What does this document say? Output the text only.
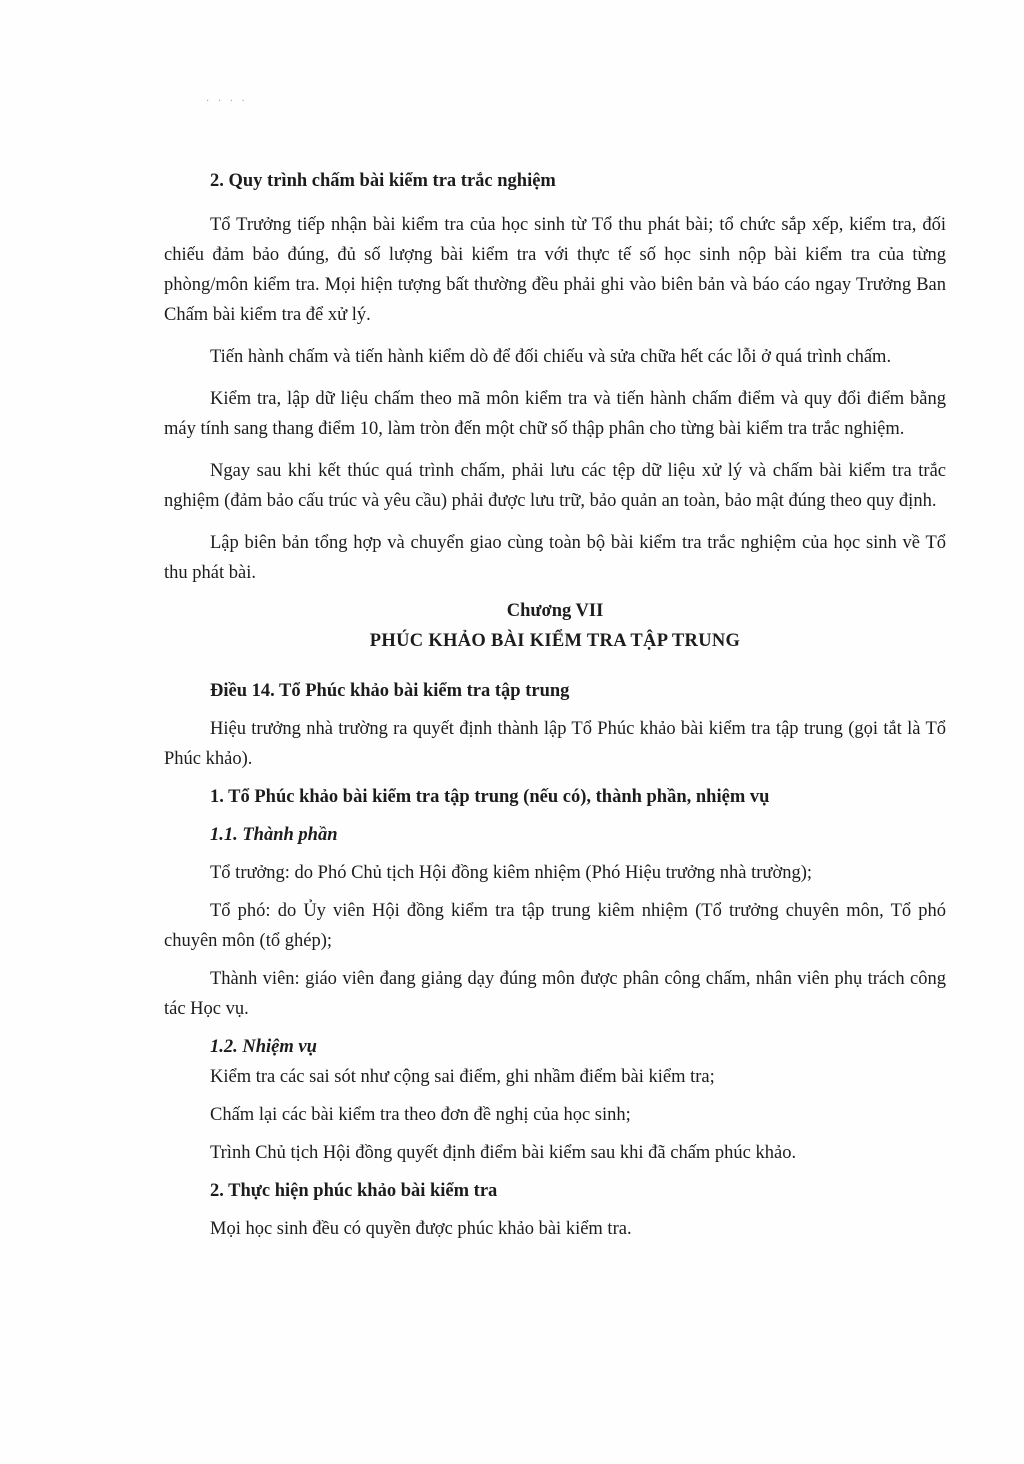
· · · ·

2. Quy trình chấm bài kiểm tra trắc nghiệm

Tổ Trưởng tiếp nhận bài kiểm tra của học sinh từ Tổ thu phát bài; tổ chức sắp xếp, kiểm tra, đối chiếu đảm bảo đúng, đủ số lượng bài kiểm tra với thực tế số học sinh nộp bài kiểm tra của từng phòng/môn kiểm tra. Mọi hiện tượng bất thường đều phải ghi vào biên bản và báo cáo ngay Trưởng Ban Chấm bài kiểm tra để xử lý.

Tiến hành chấm và tiến hành kiểm dò để đối chiếu và sửa chữa hết các lỗi ở quá trình chấm.

Kiểm tra, lập dữ liệu chấm theo mã môn kiểm tra và tiến hành chấm điểm và quy đổi điểm bằng máy tính sang thang điểm 10, làm tròn đến một chữ số thập phân cho từng bài kiểm tra trắc nghiệm.

Ngay sau khi kết thúc quá trình chấm, phải lưu các tệp dữ liệu xử lý và chấm bài kiểm tra trắc nghiệm (đảm bảo cấu trúc và yêu cầu) phải được lưu trữ, bảo quản an toàn, bảo mật đúng theo quy định.

Lập biên bản tổng hợp và chuyển giao cùng toàn bộ bài kiểm tra trắc nghiệm của học sinh về Tổ thu phát bài.

Chương VII

PHÚC KHẢO BÀI KIỂM TRA TẬP TRUNG

Điều 14. Tổ Phúc khảo bài kiểm tra tập trung

Hiệu trưởng nhà trường ra quyết định thành lập Tổ Phúc khảo bài kiểm tra tập trung (gọi tắt là Tổ Phúc khảo).

1. Tổ Phúc khảo bài kiểm tra tập trung (nếu có), thành phần, nhiệm vụ

1.1. Thành phần

Tổ trưởng: do Phó Chủ tịch Hội đồng kiêm nhiệm (Phó Hiệu trưởng nhà trường);

Tổ phó: do Ủy viên Hội đồng kiểm tra tập trung kiêm nhiệm (Tổ trưởng chuyên môn, Tổ phó chuyên môn (tổ ghép);

Thành viên: giáo viên đang giảng dạy đúng môn được phân công chấm, nhân viên phụ trách công tác Học vụ.

1.2. Nhiệm vụ

Kiểm tra các sai sót như cộng sai điểm, ghi nhầm điểm bài kiểm tra;

Chấm lại các bài kiểm tra theo đơn đề nghị của học sinh;

Trình Chủ tịch Hội đồng quyết định điểm bài kiểm sau khi đã chấm phúc khảo.

2. Thực hiện phúc khảo bài kiểm tra

Mọi học sinh đều có quyền được phúc khảo bài kiểm tra.
